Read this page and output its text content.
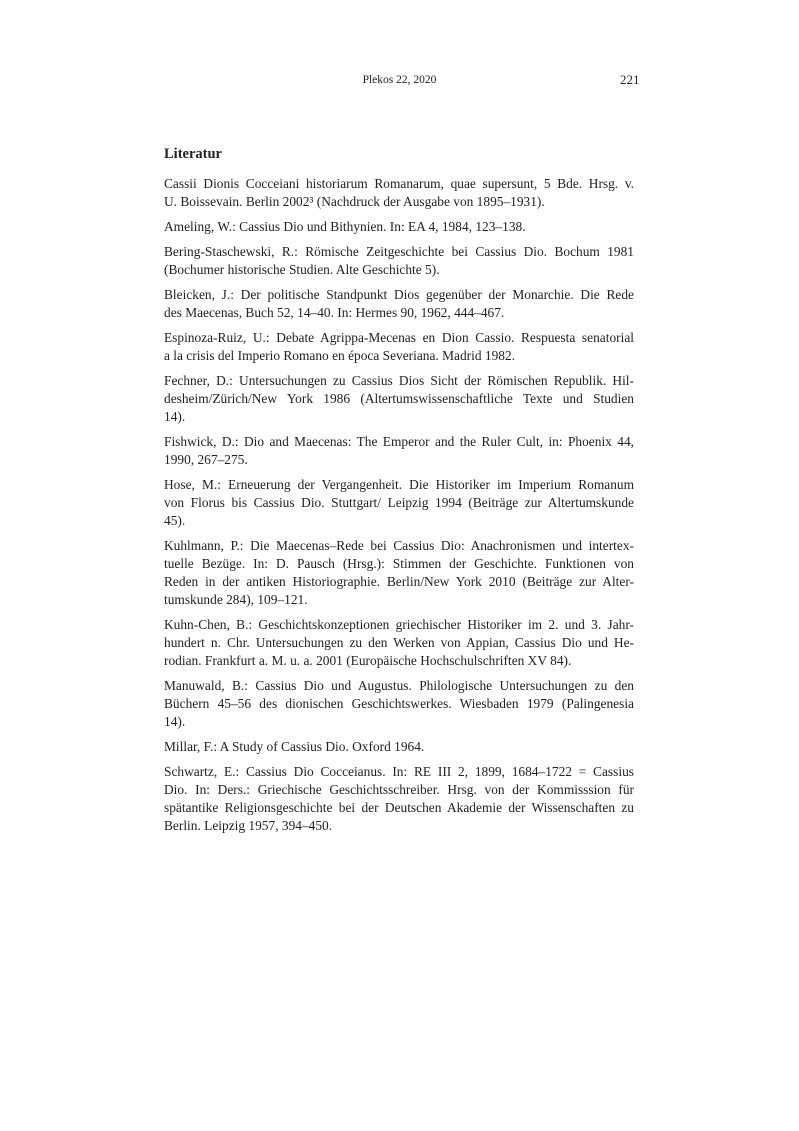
Plekos 22, 2020	221
Literatur
Cassii Dionis Cocceiani historiarum Romanarum, quae supersunt, 5 Bde. Hrsg. v.
U. Boissevain. Berlin 2002³ (Nachdruck der Ausgabe von 1895–1931).
Ameling, W.: Cassius Dio und Bithynien. In: EA 4, 1984, 123–138.
Bering-Staschewski, R.: Römische Zeitgeschichte bei Cassius Dio. Bochum 1981
(Bochumer historische Studien. Alte Geschichte 5).
Bleicken, J.: Der politische Standpunkt Dios gegenüber der Monarchie. Die Rede
des Maecenas, Buch 52, 14–40. In: Hermes 90, 1962, 444–467.
Espinoza-Ruiz, U.: Debate Agrippa-Mecenas en Dion Cassio. Respuesta senatorial
a la crisis del Imperio Romano en época Severiana. Madrid 1982.
Fechner, D.: Untersuchungen zu Cassius Dios Sicht der Römischen Republik. Hil-
desheim/Zürich/New York 1986 (Altertumswissenschaftliche Texte und Studien
14).
Fishwick, D.: Dio and Maecenas: The Emperor and the Ruler Cult, in: Phoenix 44,
1990, 267–275.
Hose, M.: Erneuerung der Vergangenheit. Die Historiker im Imperium Romanum
von Florus bis Cassius Dio. Stuttgart/ Leipzig 1994 (Beiträge zur Altertumskunde
45).
Kuhlmann, P.: Die Maecenas–Rede bei Cassius Dio: Anachronismen und intertex-
tuelle Bezüge. In: D. Pausch (Hrsg.): Stimmen der Geschichte. Funktionen von
Reden in der antiken Historiographie. Berlin/New York 2010 (Beiträge zur Alter-
tumskunde 284), 109–121.
Kuhn-Chen, B.: Geschichtskonzeptionen griechischer Historiker im 2. und 3. Jahr-
hundert n. Chr. Untersuchungen zu den Werken von Appian, Cassius Dio und He-
rodian. Frankfurt a. M. u. a. 2001 (Europäische Hochschulschriften XV 84).
Manuwald, B.: Cassius Dio und Augustus. Philologische Untersuchungen zu den
Büchern 45–56 des dionischen Geschichtswerkes. Wiesbaden 1979 (Palingenesia
14).
Millar, F.: A Study of Cassius Dio. Oxford 1964.
Schwartz, E.: Cassius Dio Cocceianus. In: RE III 2, 1899, 1684–1722 = Cassius
Dio. In: Ders.: Griechische Geschichtsschreiber. Hrsg. von der Kommisssion für
spätantike Religionsgeschichte bei der Deutschen Akademie der Wissenschaften zu
Berlin. Leipzig 1957, 394–450.
